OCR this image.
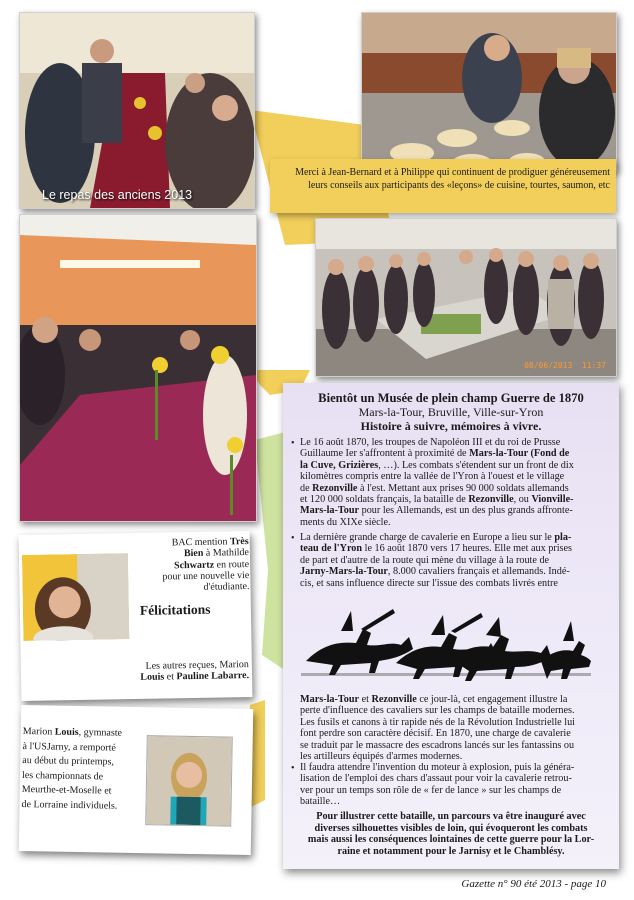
Le repas des anciens 2013
Merci à Jean-Bernard et à Philippe qui continuent de prodiguer généreusement leurs conseils aux participants des «leçons» de cuisine, tourtes, saumon, etc
08/06/2013  11:37
BAC mention Très
Bien à Mathilde
Schwartz en route
pour une nouvelle vie
d'étudiante.
Félicitations
Les autres reçues, Marion
Louis et Pauline Labarre.
Marion Louis, gymnaste
à l'USJarny, a remporté
au début du printemps,
les championnats de
Meurthe-et-Moselle et
de Lorraine individuels.
Bientôt un Musée de plein champ Guerre de 1870
Mars-la-Tour, Bruville, Ville-sur-Yron
Histoire à suivre, mémoires à vivre.
• Le 16 août 1870, les troupes de Napoléon III et du roi de Prusse
Guillaume Ier s'affrontent à proximité de Mars-la-Tour (Fond de
la Cuve, Grizières, …). Les combats s'étendent sur un front de dix
kilomètres compris entre la vallée de l'Yron à l'ouest et le village
de Rezonville à l'est. Mettant aux prises 90 000 soldats allemands
et 120 000 soldats français, la bataille de Rezonville, ou Vionville-
Mars-la-Tour pour les Allemands, est un des plus grands affronte-
ments du XIXe siècle.
• La dernière grande charge de cavalerie en Europe a lieu sur le pla-
teau de l'Yron le 16 août 1870 vers 17 heures. Elle met aux prises
de part et d'autre de la route qui mène du village à la route de
Jarny-Mars-la-Tour, 8.000 cavaliers français et allemands. Indé-
cis, et sans influence directe sur l'issue des combats livrés entre
Mars-la-Tour et Rezonville ce jour-là, cet engagement illustre la
perte d'influence des cavaliers sur les champs de bataille modernes.
Les fusils et canons à tir rapide nés de la Révolution Industrielle lui
font perdre son caractère décisif. En 1870, une charge de cavalerie
se traduit par le massacre des escadrons lancés sur les fantassins ou
les artilleurs équipés d'armes modernes.
• Il faudra attendre l'invention du moteur à explosion, puis la généra-
lisation de l'emploi des chars d'assaut pour voir la cavalerie retrou-
ver pour un temps son rôle de « fer de lance » sur les champs de
bataille…
Pour illustrer cette bataille, un parcours va être inauguré avec
diverses silhouettes visibles de loin, qui évoqueront les combats
mais aussi les conséquences lointaines de cette guerre pour la Lor-
raine et notamment pour le Jarnisy et le Chamblésy.
Gazette n° 90 été 2013 - page 10
